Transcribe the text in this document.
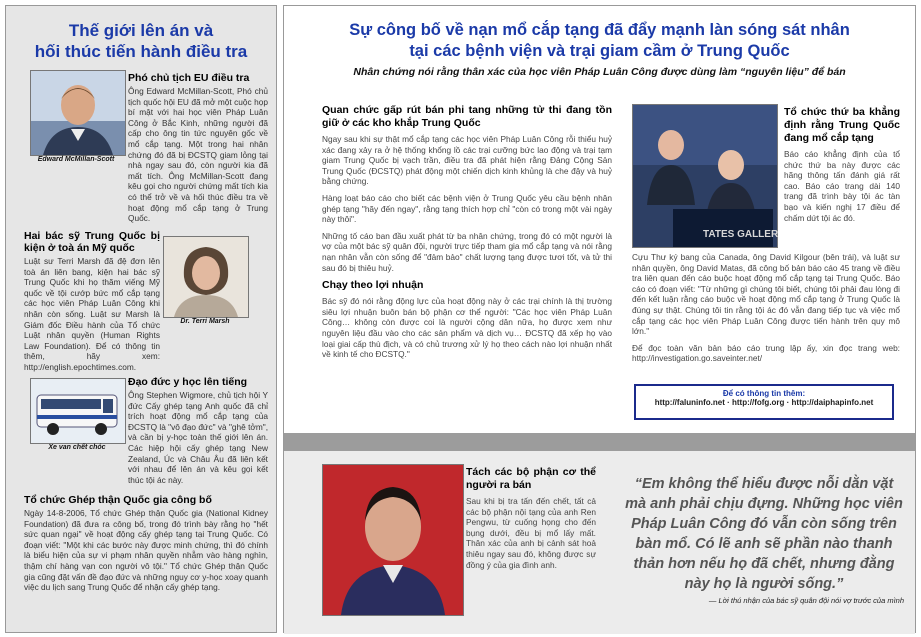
Thế giới lên án và
hối thúc tiến hành điều tra
Edward McMillan-Scott
Phó chủ tịch EU điều tra
Ông Edward McMillan-Scott, Phó chủ tịch quốc hội EU đã mở một cuộc họp bí mật với hai học viên Pháp Luân Công ở Bắc Kinh, những người đã cấp cho ông tin tức nguyên gốc về mổ cắp tạng. Một trong hai nhân chứng đó đã bị ĐCSTQ giam lỏng tại nhà ngay sau đó, còn người kia đã mất tích. Ông McMillan-Scott đang kêu gọi cho người chứng mất tích kia có thể trở về và hối thúc điều tra về hoạt động mổ cắp tạng ở Trung Quốc.
Hai bác sỹ Trung Quốc bị kiện ở toà án Mỹ quốc
Luật sư Terri Marsh đã đệ đơn lên toà án liên bang, kiện hai bác sỹ Trung Quốc khi họ thăm viếng Mỹ quốc về tội cướp bức mổ cắp tạng các học viên Pháp Luân Công khi nhân còn sống. Luật sư Marsh là Giám đốc Điều hành của Tổ chức Luật nhân quyền (Human Rights Law Foundation). Để có thông tin thêm, hãy xem: http://english.epochtimes.com.
Dr. Terri Marsh
Xe van chết chóc
Đạo đức y học lên tiếng
Ông Stephen Wigmore, chủ tịch hội Y đức Cấy ghép tạng Anh quốc đã chỉ trích hoạt động mổ cắp tạng của ĐCSTQ là "vô đạo đức" và "ghê tởm", và cần bị y-học toàn thế giới lên án. Các hiệp hội cấy ghép tạng New Zealand, Úc và Châu Âu đã liên kết với nhau để lên án và kêu gọi kết thúc tội ác này.
Tổ chức Ghép thận Quốc gia công bố
Ngày 14-8-2006, Tổ chức Ghép thận Quốc gia (National Kidney Foundation) đã đưa ra công bố, trong đó trình bày rằng họ "hết sức quan ngại" về hoạt động cấy ghép tạng tại Trung Quốc. Có đoạn viết: "Một khi các bước này được minh chứng, thì đó chính là biểu hiện của sự vi phạm nhân quyền nhẫm vào hàng nghìn, thậm chí hàng vạn con người vô tội." Tổ chức Ghép thận Quốc gia cũng đặt vấn đề đạo đức và những nguy cơ y-học xoay quanh việc du lịch sang Trung Quốc để nhận cấy ghép tạng.
Sự công bố về nạn mổ cắp tạng đã đẩy mạnh làn sóng sát nhân
tại các bệnh viện và trại giam cầm ở Trung Quốc
Nhân chứng nói rằng thân xác của học viên Pháp Luân Công được dùng làm “nguyên liệu” để bán
Quan chức gấp rút bán phi tang những tử thi đang tồn giữ ở các kho khắp Trung Quốc

Ngay sau khi sự thật mổ cắp tạng các học viên Pháp Luân Công rỗi thiểu huỷ xác đang xảy ra ở hệ thống khổng lồ các trại cưỡng bức lao động và trại tạm giam Trung Quốc bị vạch trần, điều tra đã phát hiện rằng Đảng Cộng Sản Trung Quốc (ĐCSTQ) phát động một chiến dịch kinh khủng là che đậy và huỷ bằng chứng.

Hàng loạt báo cáo cho biết các bệnh viện ở Trung Quốc yêu cầu bệnh nhân ghép tạng "hãy đến ngay", rằng tạng thích hợp chỉ "còn có trong một vài ngày này thôi".

Những tố cáo ban đầu xuất phát từ ba nhân chứng, trong đó có một người là vợ của một bác sỹ quân đội, người trực tiếp tham gia mổ cắp tạng và nói rằng nạn nhân vẫn còn sống để "đảm bảo" chất lượng tạng được tươi tốt, và tử thi sau đó bị thiêu huỷ.

Chạy theo lợi nhuận

Bác sỹ đó nói rằng động lực của hoạt động này ở các trại chính là thị trường siêu lợi nhuận buôn bán bộ phận cơ thể người: "Các học viên Pháp Luân Công… không còn được coi là người cộng dân nữa, họ được xem như nguyên liệu đầu vào cho các sản phẩm và dịch vụ… ĐCSTQ đã xếp họ vào loại giai cấp thù địch, và có chủ trương xử lý họ theo cách nào lợi nhuận nhất về kinh tế cho ĐCSTQ."

TATES GALLER
Tổ chức thứ ba khẳng định rằng Trung Quốc đang mổ cắp tạng

Báo cáo khẳng định của tổ chức thứ ba này được các hãng thông tấn đánh giá rất cao. Báo cáo trang dài 140 trang đã trình bày tội ác tàn bạo và kiến nghị 17 điều để chấm dứt tội ác đó.

Cựu Thư ký bang của Canada, ông David Kilgour (bên trái), và luật sư nhân quyền, ông David Matas, đã công bố bản báo cáo 45 trang về điều tra liên quan đến cáo buộc hoạt động mổ cắp tạng tại Trung Quốc. Báo cáo có đoạn viết: "Từ những gì chúng tôi biết, chúng tôi phải đau lòng đi đến kết luận rằng cáo buộc về hoạt động mổ cắp tạng ở Trung Quốc là đúng sự thật. Chúng tôi tin rằng tội ác đó vẫn đang tiếp tục và việc mổ cắp tạng các học viên Pháp Luân Công được tiến hành trên quy mô lớn."

Để đọc toàn văn bản báo cáo trung lập ấy, xin đọc trang web: http://investigation.go.saveinter.net/

Để có thông tin thêm:
http://faluninfo.net · http://fofg.org · http://daiphapinfo.net
Tách các bộ phận cơ thể người ra bán

Sau khi bị tra tấn đến chết, tất cả các bộ phận nội tạng của anh Ren Pengwu, từ cuống họng cho đến bụng dưới, đều bị mổ lấy mất. Thân xác của anh bị cảnh sát hoả thiêu ngay sau đó, không được sự đồng ý của gia đình anh.

“Em không thể hiểu được nỗi dằn vặt mà anh phải chịu đựng. Những học viên Pháp Luân Công đó vẫn còn sống trên bàn mổ. Có lẽ anh sẽ phần nào thanh thản hơn nếu họ đã chết, nhưng đằng này họ là người sống.”
— Lời thú nhận của bác sỹ quân đội nói vợ trước của mình
